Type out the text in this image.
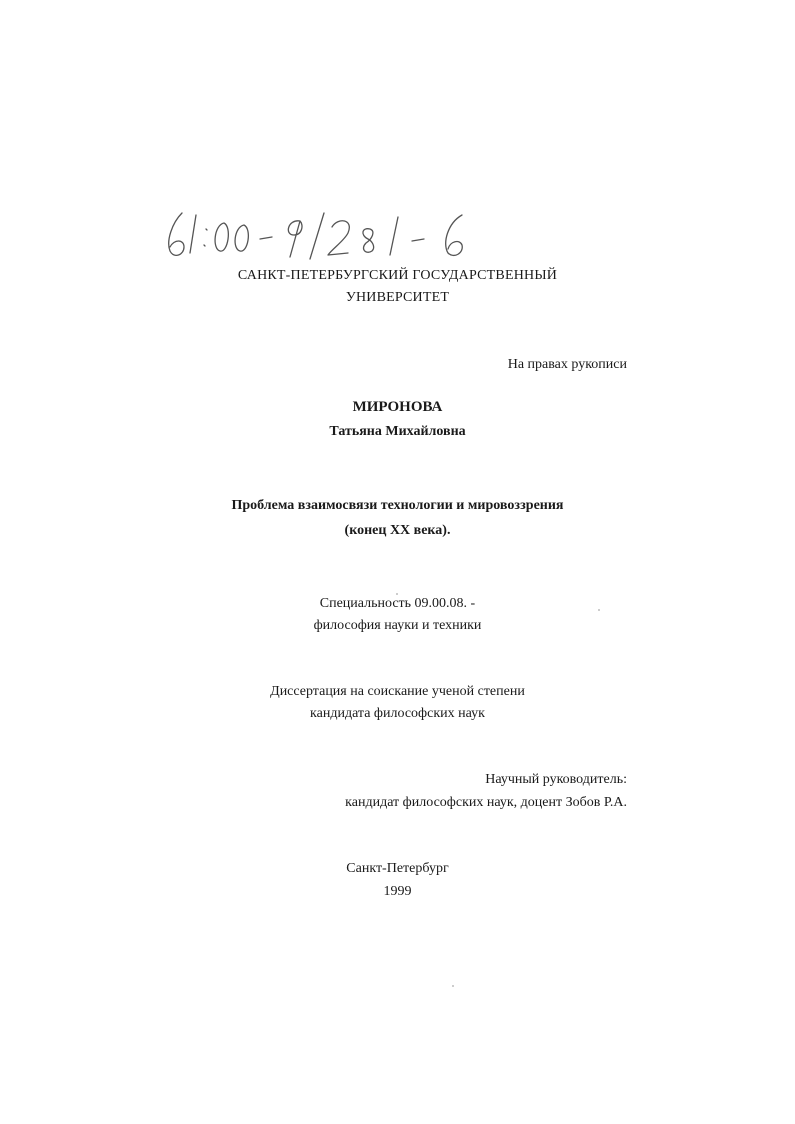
САНКТ-ПЕТЕРБУРГСКИЙ ГОСУДАРСТВЕННЫЙ
УНИВЕРСИТЕТ
На правах рукописи
МИРОНОВА
Татьяна Михайловна
Проблема взаимосвязи технологии и мировоззрения
(конец XX века).
Специальность 09.00.08. -
философия науки и техники
Диссертация на соискание ученой степени
кандидата философских наук
Научный руководитель:
кандидат философских наук, доцент Зобов Р.А.
Санкт-Петербург
1999
